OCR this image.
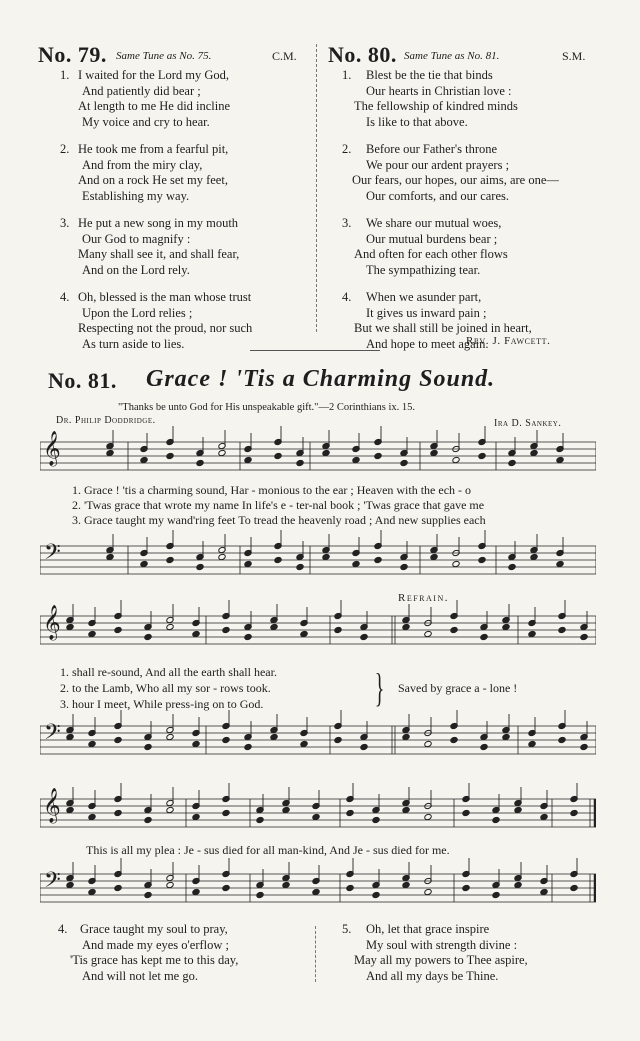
No. 79. Same Tune as No. 75.	C.M.
1. I waited for the Lord my God,
And patiently did bear ;
At length to me He did incline
My voice and cry to hear.
2. He took me from a fearful pit,
And from the miry clay,
And on a rock He set my feet,
Establishing my way.
3. He put a new song in my mouth
Our God to magnify :
Many shall see it, and shall fear,
And on the Lord rely.
4. Oh, blessed is the man whose trust
Upon the Lord relies ;
Respecting not the proud, nor such
As turn aside to lies.
No. 80. Same Tune as No. 81.	S.M.
1. Blest be the tie that binds
Our hearts in Christian love :
The fellowship of kindred minds
Is like to that above.
2. Before our Father's throne
We pour our ardent prayers ;
Our fears, our hopes, our aims, are one—
Our comforts, and our cares.
3. We share our mutual woes,
Our mutual burdens bear ;
And often for each other flows
The sympathizing tear.
4. When we asunder part,
It gives us inward pain ;
But we shall still be joined in heart,
And hope to meet again.
Rev. J. Fawcett.
No. 81. Grace ! 'Tis a Charming Sound.
"Thanks be unto God for His unspeakable gift."—2 Corinthians ix. 15.
Dr. Philip Doddridge.	Ira D. Sankey.
𝄞
1. Grace ! 'tis a charming sound, Har - monious to the ear ; Heaven with the ech - o
2. 'Twas grace that wrote my name In life's e - ter-nal book ; 'Twas grace that gave me
3. Grace taught my wand'ring feet To tread the heavenly road ; And new supplies each
𝄢
Refrain.
𝄞
1. shall re-sound, And all the earth shall hear.
2. to the Lamb, Who all my sor - rows took.
3. hour I meet, While press-ing on to God.	} Saved by grace a - lone !
𝄢
𝄞
This is all my plea : Je - sus died for all man-kind, And Je - sus died for me.
𝄢
4. Grace taught my soul to pray,
And made my eyes o'erflow ;
'Tis grace has kept me to this day,
And will not let me go.
5. Oh, let that grace inspire
My soul with strength divine :
May all my powers to Thee aspire,
And all my days be Thine.
